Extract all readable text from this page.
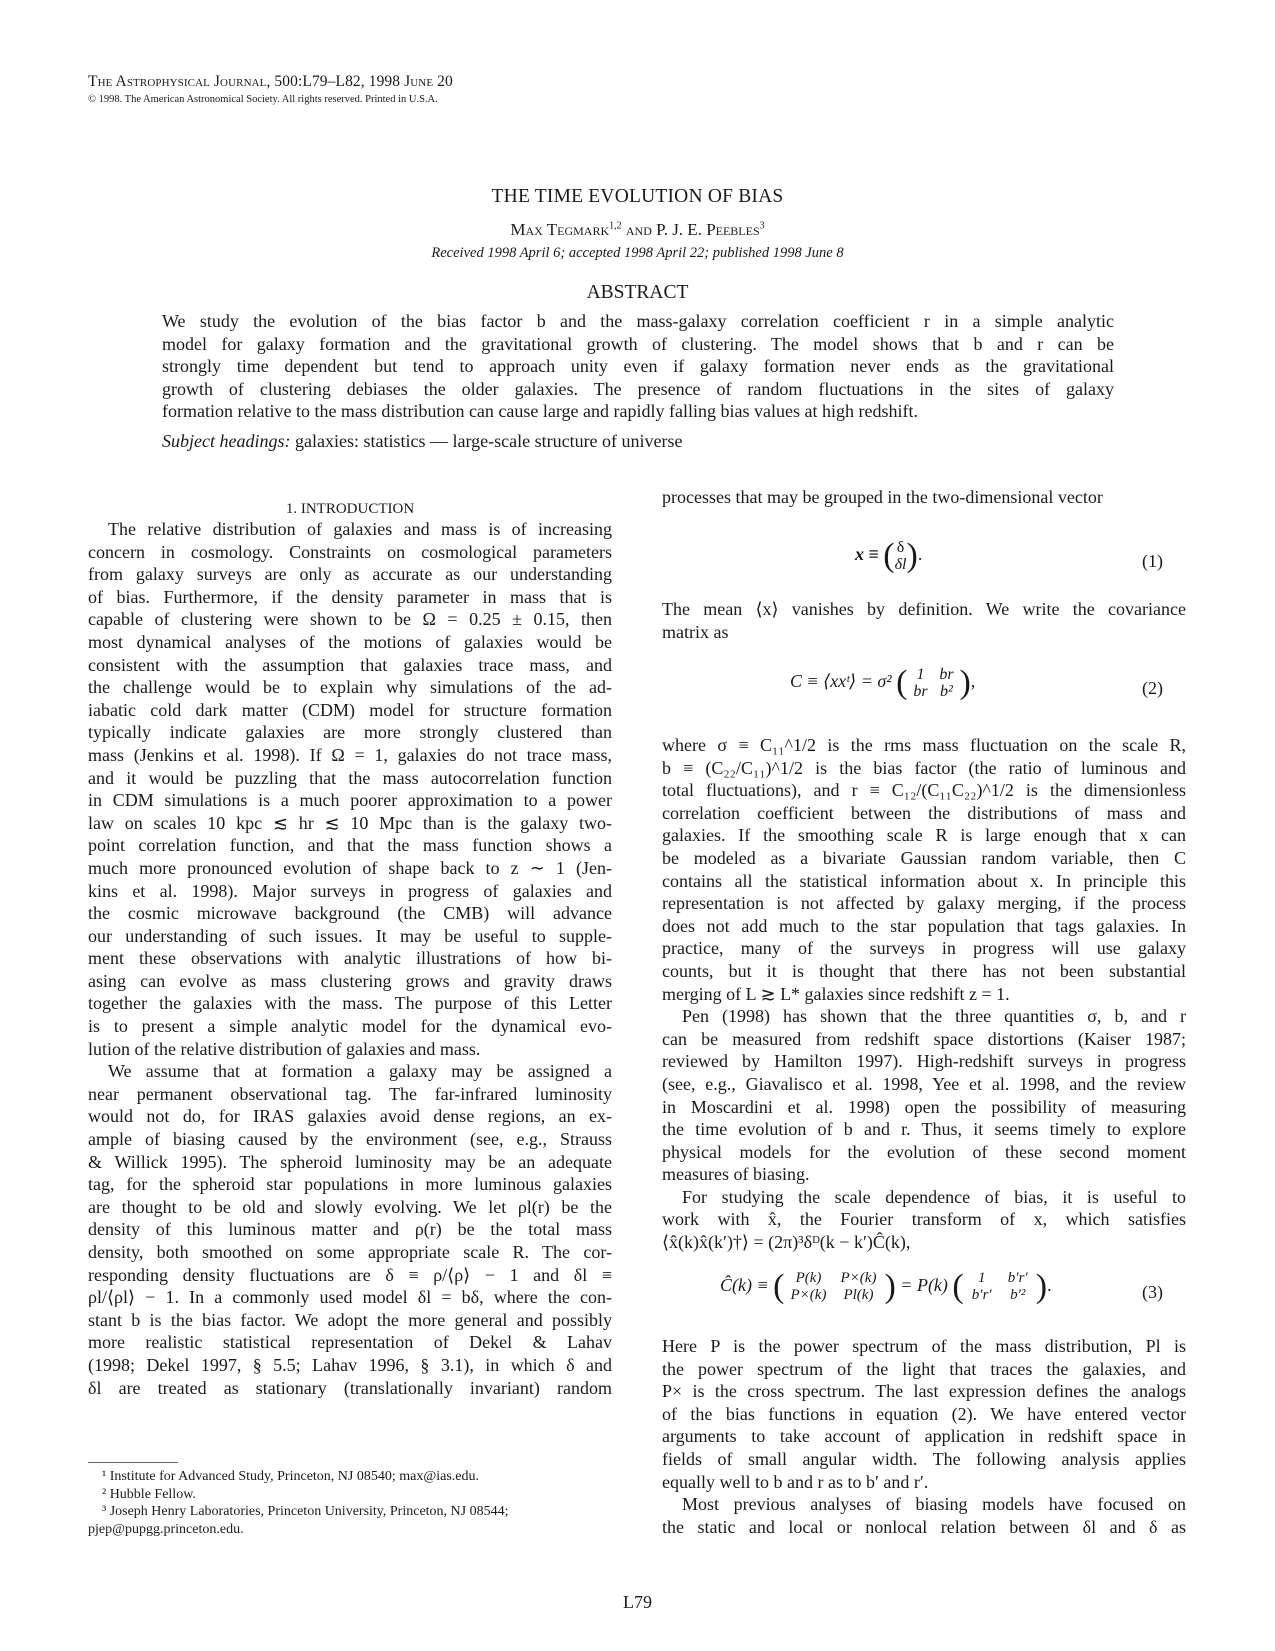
The Astrophysical Journal, 500:L79–L82, 1998 June 20
© 1998. The American Astronomical Society. All rights reserved. Printed in U.S.A.
THE TIME EVOLUTION OF BIAS
Max Tegmark$^{1,2}$ and P. J. E. Peebles$^3$
Received 1998 April 6; accepted 1998 April 22; published 1998 June 8
ABSTRACT
We study the evolution of the bias factor b and the mass-galaxy correlation coefficient r in a simple analytic
model for galaxy formation and the gravitational growth of clustering. The model shows that b and r can be
strongly time dependent but tend to approach unity even if galaxy formation never ends as the gravitational
growth of clustering debiases the older galaxies. The presence of random fluctuations in the sites of galaxy
formation relative to the mass distribution can cause large and rapidly falling bias values at high redshift.
Subject headings: galaxies: statistics — large-scale structure of universe
1. INTRODUCTION
The relative distribution of galaxies and mass is of increasing
concern in cosmology. Constraints on cosmological parameters
from galaxy surveys are only as accurate as our understanding
of bias. Furthermore, if the density parameter in mass that is
capable of clustering were shown to be Ω = 0.25 ± 0.15, then
most dynamical analyses of the motions of galaxies would be
consistent with the assumption that galaxies trace mass, and
the challenge would be to explain why simulations of the ad-
iabatic cold dark matter (CDM) model for structure formation
typically indicate galaxies are more strongly clustered than
mass (Jenkins et al. 1998). If Ω = 1, galaxies do not trace mass,
and it would be puzzling that the mass autocorrelation function
in CDM simulations is a much poorer approximation to a power
law on scales 10 kpc ≲ hr ≲ 10 Mpc than is the galaxy two-
point correlation function, and that the mass function shows a
much more pronounced evolution of shape back to z ∼ 1 (Jen-
kins et al. 1998). Major surveys in progress of galaxies and
the cosmic microwave background (the CMB) will advance
our understanding of such issues. It may be useful to supple-
ment these observations with analytic illustrations of how bi-
asing can evolve as mass clustering grows and gravity draws
together the galaxies with the mass. The purpose of this Letter
is to present a simple analytic model for the dynamical evo-
lution of the relative distribution of galaxies and mass.
We assume that at formation a galaxy may be assigned a
near permanent observational tag. The far-infrared luminosity
would not do, for IRAS galaxies avoid dense regions, an ex-
ample of biasing caused by the environment (see, e.g., Strauss
& Willick 1995). The spheroid luminosity may be an adequate
tag, for the spheroid star populations in more luminous galaxies
are thought to be old and slowly evolving. We let ρl(r) be the
density of this luminous matter and ρ(r) be the total mass
density, both smoothed on some appropriate scale R. The cor-
responding density fluctuations are δ ≡ ρ/⟨ρ⟩ − 1 and δl ≡
ρl/⟨ρl⟩ − 1. In a commonly used model δl = bδ, where the con-
stant b is the bias factor. We adopt the more general and possibly
more realistic statistical representation of Dekel & Lahav
(1998; Dekel 1997, § 5.5; Lahav 1996, § 3.1), in which δ and
δl are treated as stationary (translationally invariant) random
¹ Institute for Advanced Study, Princeton, NJ 08540; max@ias.edu.
² Hubble Fellow.
³ Joseph Henry Laboratories, Princeton University, Princeton, NJ 08544;
pjep@pupgg.princeton.edu.
processes that may be grouped in the two-dimensional vector
x ≡ ( δ
δl ).	(1)
The mean ⟨x⟩ vanishes by definition. We write the covariance
matrix as
C ≡ ⟨xxᵗ⟩ = σ² ( 1 br
br b² ),	(2)
where σ ≡ C₁₁^1/2 is the rms mass fluctuation on the scale R,
b ≡ (C₂₂/C₁₁)^1/2 is the bias factor (the ratio of luminous and
total fluctuations), and r ≡ C₁₂/(C₁₁C₂₂)^1/2 is the dimensionless
correlation coefficient between the distributions of mass and
galaxies. If the smoothing scale R is large enough that x can
be modeled as a bivariate Gaussian random variable, then C
contains all the statistical information about x. In principle this
representation is not affected by galaxy merging, if the process
does not add much to the star population that tags galaxies. In
practice, many of the surveys in progress will use galaxy
counts, but it is thought that there has not been substantial
merging of L ≳ L* galaxies since redshift z = 1.
Pen (1998) has shown that the three quantities σ, b, and r
can be measured from redshift space distortions (Kaiser 1987;
reviewed by Hamilton 1997). High-redshift surveys in progress
(see, e.g., Giavalisco et al. 1998, Yee et al. 1998, and the review
in Moscardini et al. 1998) open the possibility of measuring
the time evolution of b and r. Thus, it seems timely to explore
physical models for the evolution of these second moment
measures of biasing.
For studying the scale dependence of bias, it is useful to
work with x̂, the Fourier transform of x, which satisfies
⟨x̂(k)x̂(k′)†⟩ = (2π)³δᴰ(k − k′)Ĉ(k),
Ĉ(k) ≡ ( P(k) P×(k)
P×(k) Pl(k) ) = P(k) ( 1 b′r′
b′r′ b′² ).	(3)
Here P is the power spectrum of the mass distribution, Pl is
the power spectrum of the light that traces the galaxies, and
P× is the cross spectrum. The last expression defines the analogs
of the bias functions in equation (2). We have entered vector
arguments to take account of application in redshift space in
fields of small angular width. The following analysis applies
equally well to b and r as to b′ and r′.
Most previous analyses of biasing models have focused on
the static and local or nonlocal relation between δl and δ as
L79
